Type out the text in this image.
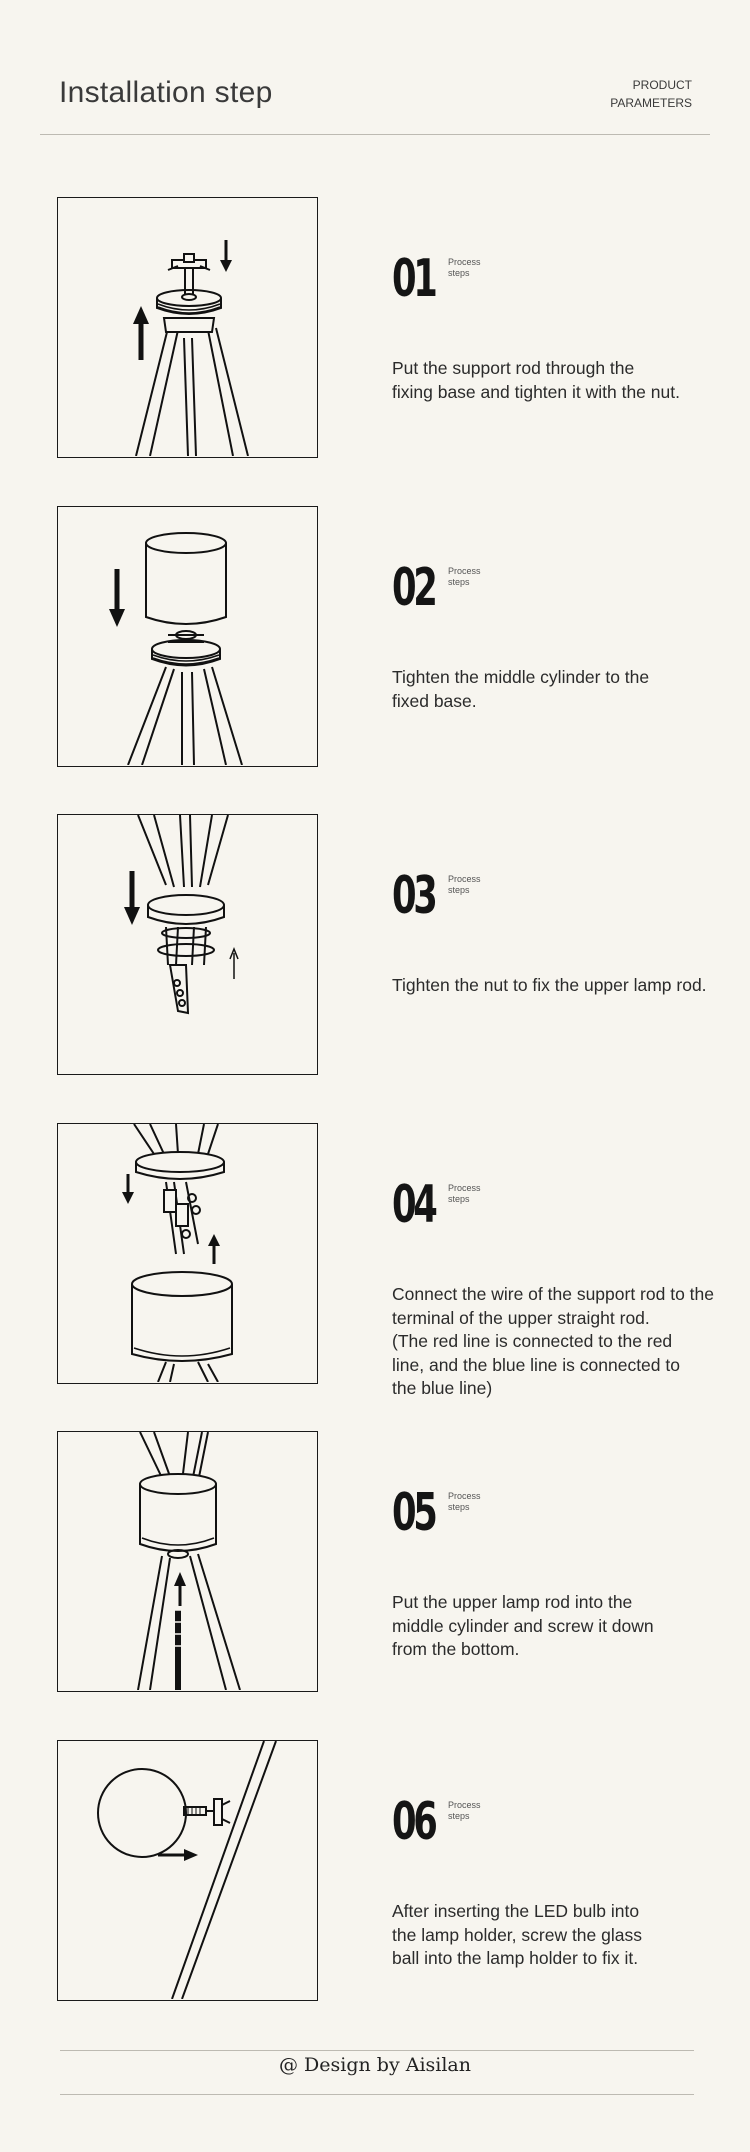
Installation step	PRODUCT
PARAMETERS
01 Process
steps
Put the support rod through the
fixing base and tighten it with the nut.
02 Process
steps
Tighten the middle cylinder to the
fixed base.
03 Process
steps
Tighten the nut to fix the upper lamp rod.
04 Process
steps
Connect the wire of the support rod to the
terminal of the upper straight rod.
(The red line is connected to the red
line, and the blue line is connected to
the blue line)
05 Process
steps
Put the upper lamp rod into the
middle cylinder and screw it down
from the bottom.
06 Process
steps
After inserting the LED bulb into
the lamp holder, screw the glass
ball into the lamp holder to fix it.
@ Design by Aisilan
